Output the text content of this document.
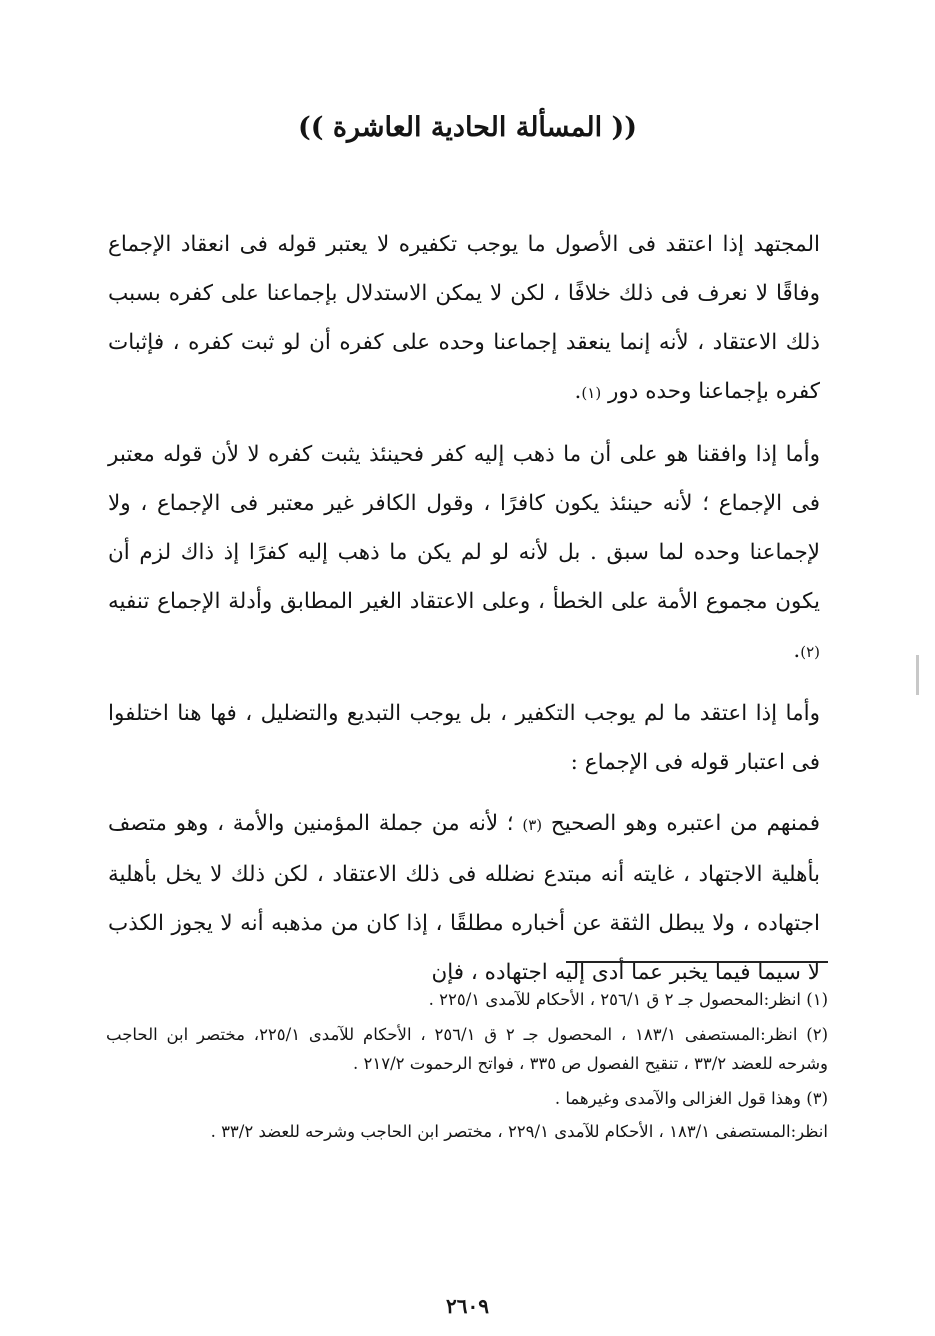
(( المسألة الحادية العاشرة ))

المجتهد إذا اعتقد فى الأصول ما يوجب تكفيره لا يعتبر قوله فى انعقاد الإجماع وفاقًا لا نعرف فى ذلك خلافًا ، لكن لا يمكن الاستدلال بإجماعنا على كفره بسبب ذلك الاعتقاد ، لأنه إنما ينعقد إجماعنا وحده على كفره أن لو ثبت كفره ، فإثبات كفره بإجماعنا وحده دور (١).

وأما إذا وافقنا هو على أن ما ذهب إليه كفر فحينئذ يثبت كفره لا لأن قوله معتبر فى الإجماع ؛ لأنه حينئذ يكون كافرًا ، وقول الكافر غير معتبر فى الإجماع ، ولا لإجماعنا وحده لما سبق . بل لأنه لو لم يكن ما ذهب إليه كفرًا إذ ذاك لزم أن يكون مجموع الأمة على الخطأ ، وعلى الاعتقاد الغير المطابق وأدلة الإجماع تنفيه (٢).

وأما إذا اعتقد ما لم يوجب التكفير ، بل يوجب التبديع والتضليل ، فها هنا اختلفوا فى اعتبار قوله فى الإجماع :

فمنهم من اعتبره وهو الصحيح (٣) ؛ لأنه من جملة المؤمنين والأمة ، وهو متصف بأهلية الاجتهاد ، غايته أنه مبتدع نضلله فى ذلك الاعتقاد ، لكن ذلك لا يخل بأهلية اجتهاده ، ولا يبطل الثقة عن أخباره مطلقًا ، إذا كان من مذهبه أنه لا يجوز الكذب لا سيما فيما يخبر عما أدى إليه اجتهاده ، فإن

(١) انظر:المحصول جـ ٢ ق ٢٥٦/١ ، الأحكام للآمدى ٢٢٥/١ .

(٢) انظر:المستصفى ١٨٣/١ ، المحصول جـ ٢ ق ٢٥٦/١ ، الأحكام للآمدى ٢٢٥/١، مختصر ابن الحاجب وشرحه للعضد ٣٣/٢ ، تنقيح الفصول ص ٣٣٥ ، فواتح الرحموت ٢١٧/٢ .

(٣) وهذا قول الغزالى والآمدى وغيرهما .

انظر:المستصفى ١٨٣/١ ، الأحكام للآمدى ٢٢٩/١ ، مختصر ابن الحاجب وشرحه للعضد ٣٣/٢ .

٢٦٠٩
